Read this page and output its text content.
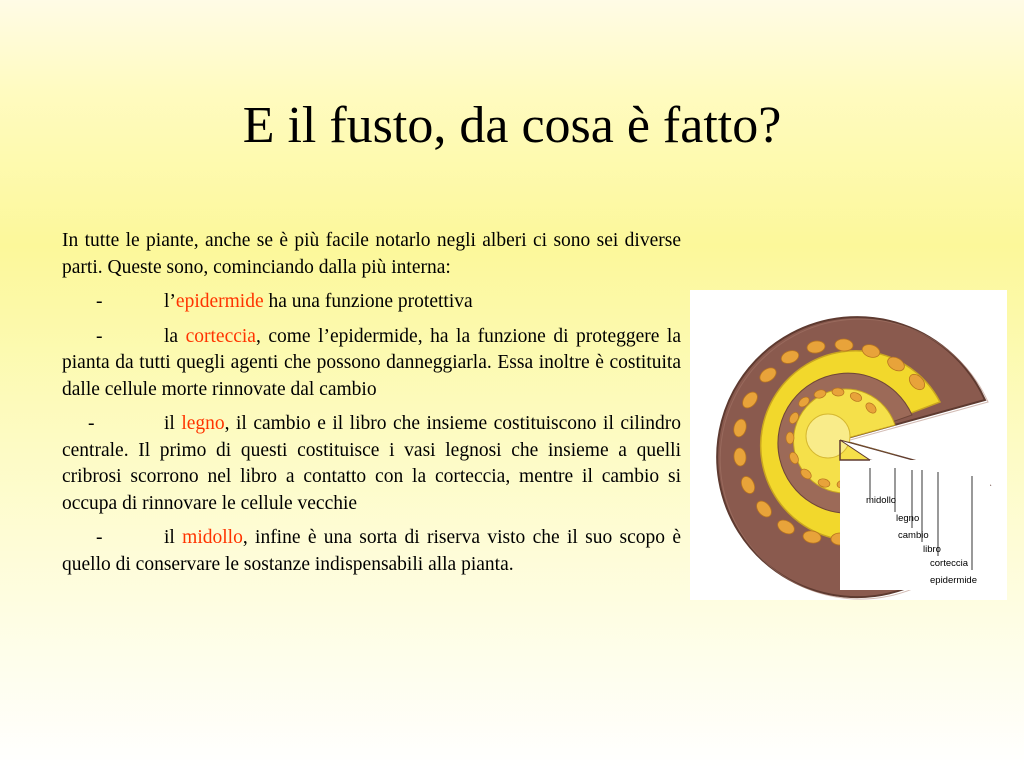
E il fusto, da cosa è fatto?

In tutte le piante, anche se è più facile notarlo negli alberi ci sono sei diverse parti. Queste sono, cominciando dalla più interna:

-	l’epidermide ha una funzione protettiva

-	la corteccia, come l’epidermide, ha la funzione di proteggere la pianta da tutti quegli agenti che possono danneggiarla. Essa inoltre è costituita dalle cellule morte rinnovate dal cambio

-	il legno, il cambio e il libro che insieme costituiscono il cilindro centrale. Il primo di questi costituisce i vasi legnosi che insieme a quelli cribrosi scorrono nel libro a contatto con la corteccia, mentre il cambio si occupa di rinnovare le cellule vecchie

-	il midollo, infine è una sorta di riserva visto che il suo scopo è quello di conservare le sostanze indispensabili alla pianta.

midollo
legno
cambio
libro
corteccia
epidermide
